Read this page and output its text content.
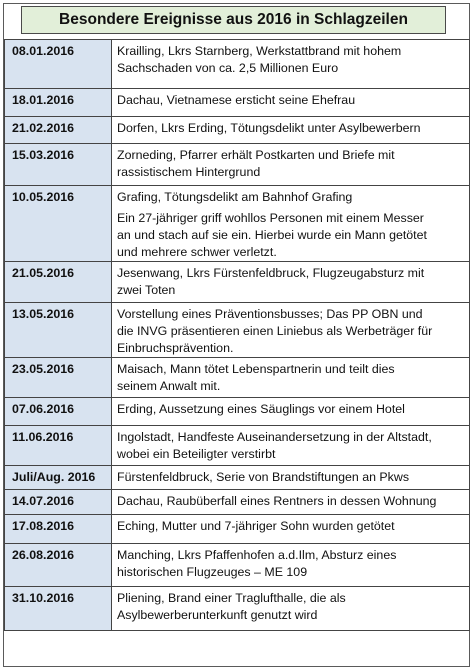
Besondere Ereignisse aus 2016 in Schlagzeilen
08.01.2016	Krailling, Lkrs Starnberg, Werkstattbrand mit hohem
Sachschaden von ca. 2,5 Millionen Euro

18.01.2016	Dachau, Vietnamese ersticht seine Ehefrau

21.02.2016	Dorfen, Lkrs Erding, Tötungsdelikt unter Asylbewerbern

15.03.2016	Zorneding, Pfarrer erhält Postkarten und Briefe mit
rassistischem Hintergrund

10.05.2016	Grafing, Tötungsdelikt am Bahnhof Grafing
Ein 27-jähriger griff wohllos Personen mit einem Messer
an und stach auf sie ein. Hierbei wurde ein Mann getötet
und mehrere schwer verletzt.

21.05.2016	Jesenwang, Lkrs Fürstenfeldbruck, Flugzeugabsturz mit
zwei Toten

13.05.2016	Vorstellung eines Präventionsbusses; Das PP OBN und
die INVG präsentieren einen Liniebus als Werbeträger für
Einbruchsprävention.

23.05.2016	Maisach, Mann tötet Lebenspartnerin und teilt dies
seinem Anwalt mit.

07.06.2016	Erding, Aussetzung eines Säuglings vor einem Hotel

11.06.2016	Ingolstadt, Handfeste Auseinandersetzung in der Altstadt,
wobei ein Beteiligter verstirbt

Juli/Aug. 2016	Fürstenfeldbruck, Serie von Brandstiftungen an Pkws

14.07.2016	Dachau, Raubüberfall eines Rentners in dessen Wohnung

17.08.2016	Eching, Mutter und 7-jähriger Sohn wurden getötet

26.08.2016	Manching, Lkrs Pfaffenhofen a.d.Ilm, Absturz eines
historischen Flugzeuges – ME 109

31.10.2016	Pliening, Brand einer Traglufthalle, die als
Asylbewerberunterkunft genutzt wird
